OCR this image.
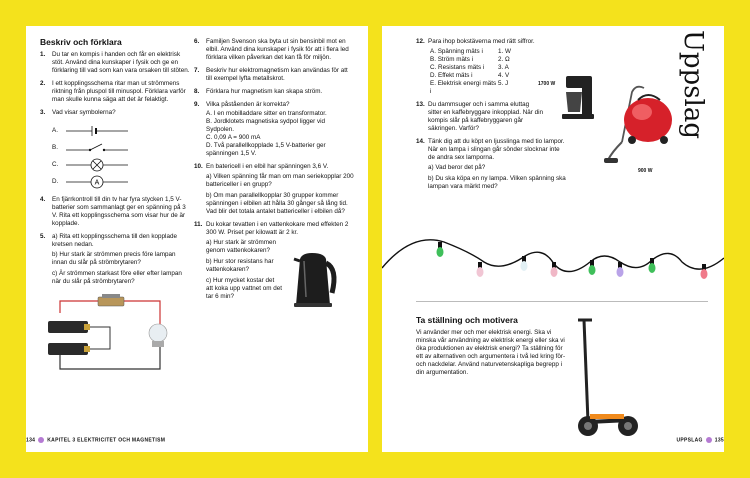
Beskriv och förklara
1.	Du tar en kompis i handen och får en elektrisk stöt. Använd dina kunskaper i fysik och ge en förklaring till vad som kan vara orsaken till stöten.
2.	I ett kopplingsschema ritar man ut strömmens riktning från pluspol till minuspol. Förklara varför man skulle kunna säga att det är felaktigt.
3.	Vad visar symbolerna?
A.
B.
C.
D.	A
4.	En fjärrkontroll till din tv har fyra stycken 1,5 V-batterier som sammanlagt ger en spänning på 3 V. Rita ett kopplingsschema som visar hur de är kopplade.
5.	a) Rita ett kopplingsschema till den kopplade kretsen nedan.
b) Hur stark är strömmen precis före lampan innan du slår på strömbrytaren?
c) Är strömmen starkast före eller efter lampan när du slår på strömbrytaren?
6.	Familjen Svenson ska byta ut sin bensinbil mot en elbil. Använd dina kunskaper i fysik för att i flera led förklara vilken påverkan det kan få för miljön.
7.	Beskriv hur elektromagnetism kan användas för att till exempel lyfta metallskrot.
8.	Förklara hur magnetism kan skapa ström.
9.	Vilka påståenden är korrekta?
A. I en mobilladdare sitter en transformator.
B. Jordklotets magnetiska sydpol ligger vid Sydpolen.
C. 0,09 A = 900 mA
D. Två parallellkopplade 1,5 V-batterier ger spänningen 1,5 V.
10. En batericell i en elbil har spänningen 3,6 V.
a) Vilken spänning får man om man seriekopplar 200 battericeller i en grupp?
b) Om man parallellkopplar 30 grupper kommer spänningen i elbilen att hålla 30 gånger så lång tid. Vad blir det totala antalet battericeller i elbilen då?
11. Du kokar tevatten i en vattenkokare med effekten 2 300 W. Priset per kilowatt är 2 kr.
a) Hur stark är strömmen genom vattenkokaren?
b) Hur stor resistans har vattenkokaren?
c) Hur mycket kostar det att koka upp vattnet om det tar 6 min?
134 KAPITEL 3 ELEKTRICITET OCH MAGNETISM
Uppslag
12. Para ihop bokstäverna med rätt siffror.
A. Spänning mäts i	1. W
B. Ström mäts i	2. Ω
C. Resistans mäts i	3. A
D. Effekt mäts i	4. V
E. Elektrisk energi mäts i
5. J
13. Du dammsuger och i samma eluttag sitter en kaffebryggare inkopplad. När din kompis slår på kaffebryggaren går säkringen. Varför?
14. Tänk dig att du köpt en ljusslinga med tio lampor. När en lampa i slingan går sönder slocknar inte de andra sex lamporna.
a) Vad beror det på?
b) Du ska köpa en ny lampa. Vilken spänning ska lampan vara märkt med?
1700 W
900 W
Ta ställning och motivera
Vi använder mer och mer elektrisk energi. Ska vi minska vår användning av elektrisk energi eller ska vi öka produktionen av elektrisk energi? Ta ställning för ett av alternativen och argumentera i två led kring för- och nackdelar. Använd naturvetenskapliga begrepp i din argumentation.
UPPSLAG 135
